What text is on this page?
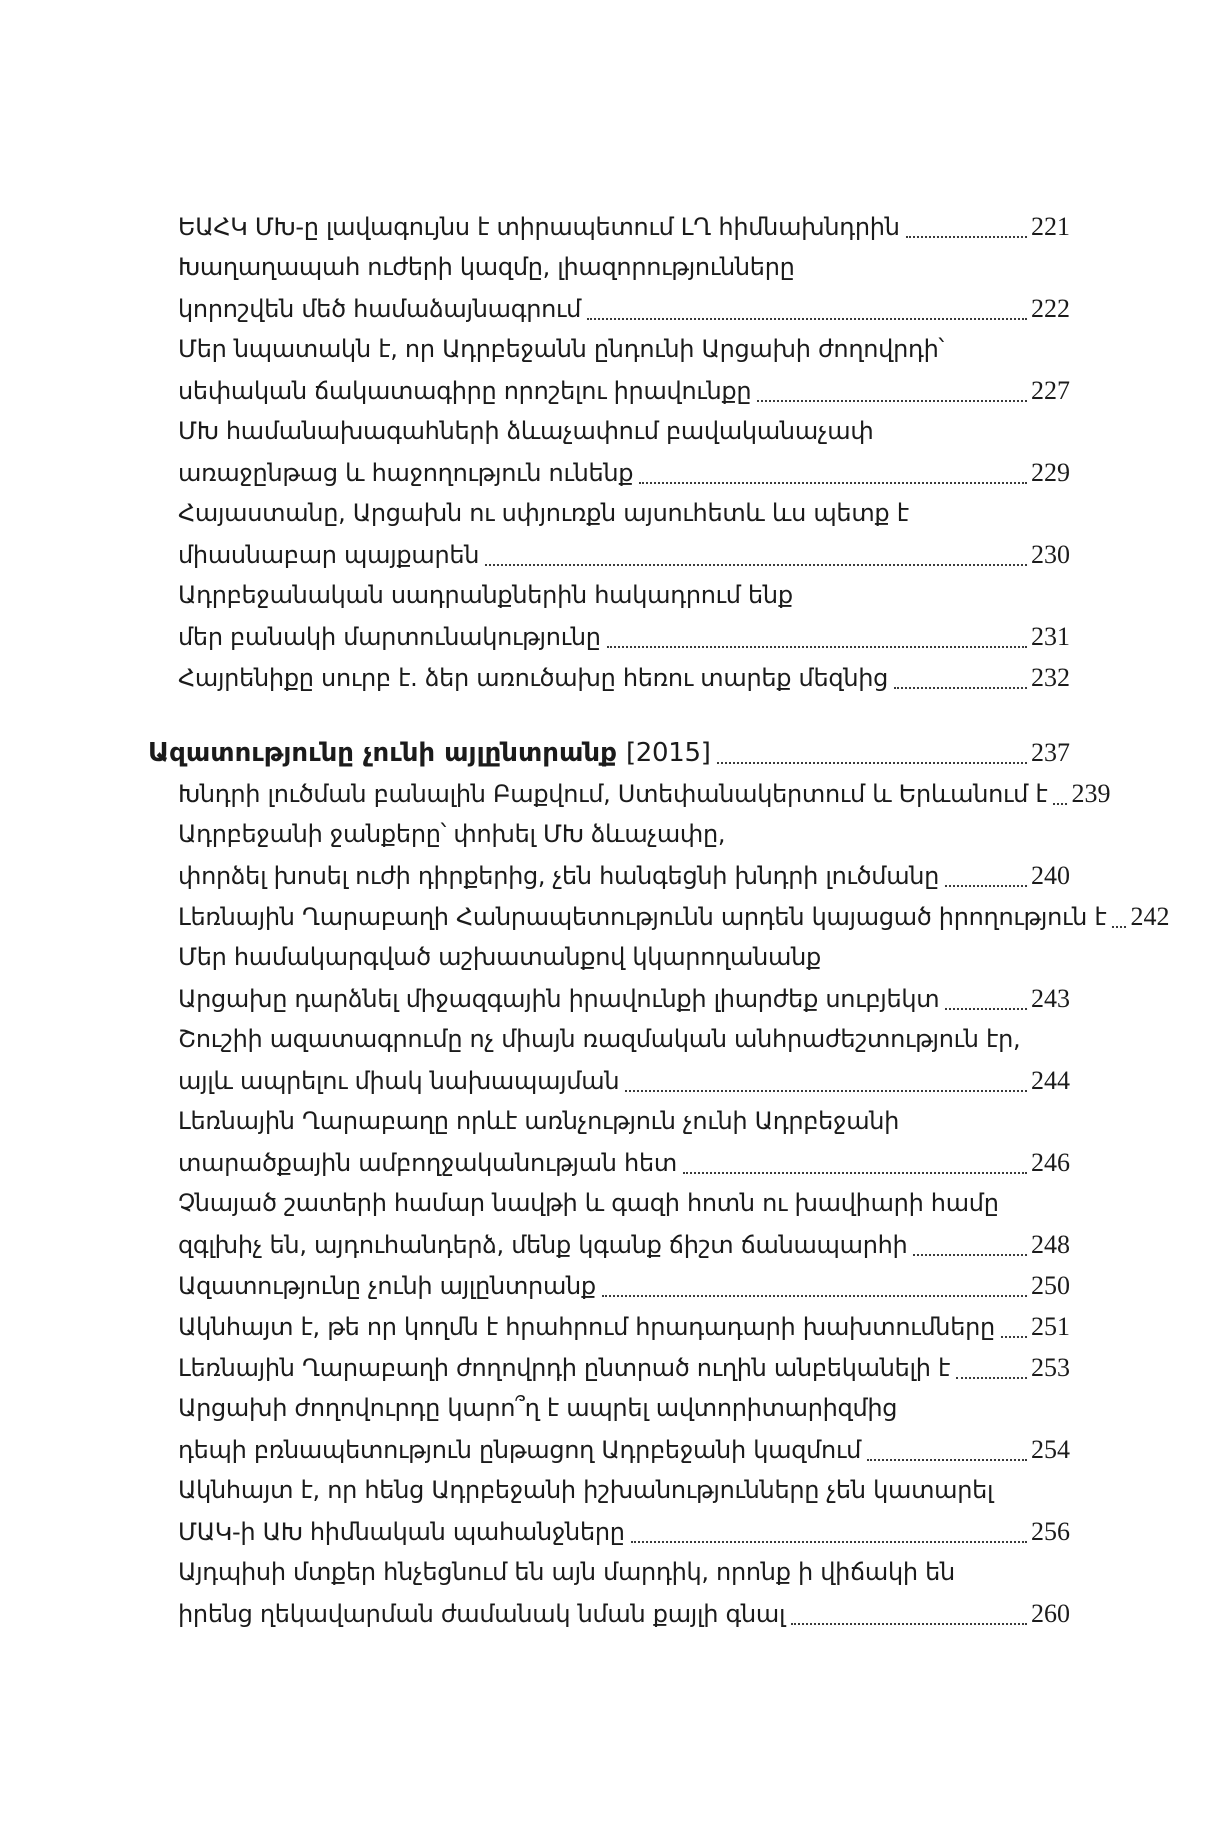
ԵԱՀԿ ՄԽ-ը լավագույնս է տիրապետում ԼՂ հիմնախնդրին	221
Խաղաղապահ ուժերի կազմը, լիազորությունները
կորոշվեն մեծ համաձայնագրում	222
Մեր նպատակն է, որ Ադրբեջանն ընդունի Արցախի ժողովրդի՝
սեփական ճակատագիրը որոշելու իրավունքը	227
ՄԽ համանախագահների ձևաչափում բավականաչափ
առաջընթաց և հաջողություն ունենք	229
Հայաստանը, Արցախն ու սփյուռքն այսուհետև ևս պետք է
միասնաբար պայքարեն	230
Ադրբեջանական սադրանքներին հակադրում ենք
մեր բանակի մարտունակությունը	231
Հայրենիքը սուրբ է. ձեր առուծախը հեռու տարեք մեզնից	232
Ազատությունը չունի այլընտրանք [2015]	237
Խնդրի լուծման բանալին Բաքվում, Ստեփանակերտում և Երևանում է 239
Ադրբեջանի ջանքերը՝ փոխել ՄԽ ձևաչափը,
փորձել խոսել ուժի դիրքերից, չեն հանգեցնի խնդրի լուծմանը	240
Լեռնային Ղարաբաղի Հանրապետությունն արդեն կայացած իրողություն է 242
Մեր համակարգված աշխատանքով կկարողանանք
Արցախը դարձնել միջազգային իրավունքի լիարժեք սուբյեկտ	243
Շուշիի ազատագրումը ոչ միայն ռազմական անհրաժեշտություն էր,
այլև ապրելու միակ նախապայման	244
Լեռնային Ղարաբաղը որևէ առնչություն չունի Ադրբեջանի
տարածքային ամբողջականության հետ	246
Չնայած շատերի համար նավթի և գազի հոտն ու խավիարի համը
զգլխիչ են, այդուհանդերձ, մենք կգանք ճիշտ ճանապարհի	248
Ազատությունը չունի այլընտրանք	250
Ակնհայտ է, թե որ կողմն է հրահրում հրադադարի խախտումները 251
Լեռնային Ղարաբաղի ժողովրդի ընտրած ուղին անբեկանելի է	253
Արցախի ժողովուրդը կարո՞ղ է ապրել ավտորիտարիզմից
դեպի բռնապետություն ընթացող Ադրբեջանի կազմում	254
Ակնհայտ է, որ հենց Ադրբեջանի իշխանությունները չեն կատարել
ՄԱԿ-ի ԱԽ հիմնական պահանջները	256
Այդպիսի մտքեր հնչեցնում են այն մարդիկ, որոնք ի վիճակի են
իրենց ղեկավարման ժամանակ նման քայլի գնալ	260
